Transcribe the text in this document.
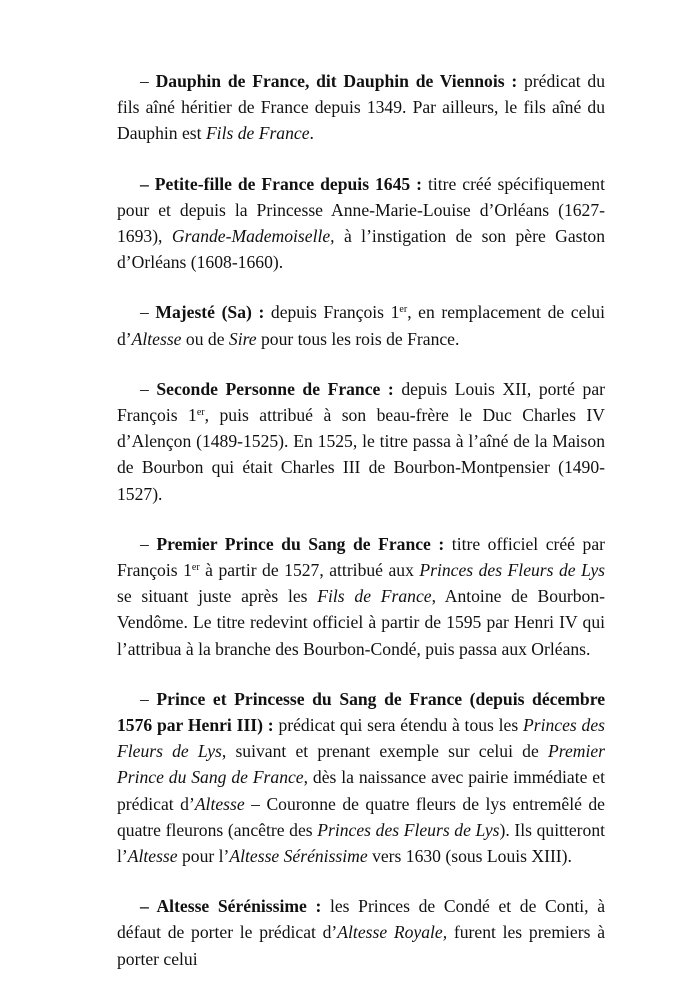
– Dauphin de France, dit Dauphin de Viennois : prédicat du fils aîné héritier de France depuis 1349. Par ailleurs, le fils aîné du Dauphin est Fils de France.

– Petite-fille de France depuis 1645 : titre créé spécifiquement pour et depuis la Princesse Anne-Marie-Louise d’Orléans (1627-1693), Grande-Mademoiselle, à l’instigation de son père Gaston d’Orléans (1608-1660).

– Majesté (Sa) : depuis François 1er, en remplacement de celui d’Altesse ou de Sire pour tous les rois de France.

– Seconde Personne de France : depuis Louis XII, porté par François 1er, puis attribué à son beau-frère le Duc Charles IV d’Alençon (1489-1525). En 1525, le titre passa à l’aîné de la Maison de Bourbon qui était Charles III de Bourbon-Montpensier (1490-1527).

– Premier Prince du Sang de France : titre officiel créé par François 1er à partir de 1527, attribué aux Princes des Fleurs de Lys se situant juste après les Fils de France, Antoine de Bourbon-Vendôme. Le titre redevint officiel à partir de 1595 par Henri IV qui l’attribua à la branche des Bourbon-Condé, puis passa aux Orléans.

– Prince et Princesse du Sang de France (depuis décembre 1576 par Henri III) : prédicat qui sera étendu à tous les Princes des Fleurs de Lys, suivant et prenant exemple sur celui de Premier Prince du Sang de France, dès la naissance avec pairie immédiate et prédicat d’Altesse – Couronne de quatre fleurs de lys entremêlé de quatre fleurons (ancêtre des Princes des Fleurs de Lys). Ils quitteront l’Altesse pour l’Altesse Sérénissime vers 1630 (sous Louis XIII).

– Altesse Sérénissime : les Princes de Condé et de Conti, à défaut de porter le prédicat d’Altesse Royale, furent les premiers à porter celui
